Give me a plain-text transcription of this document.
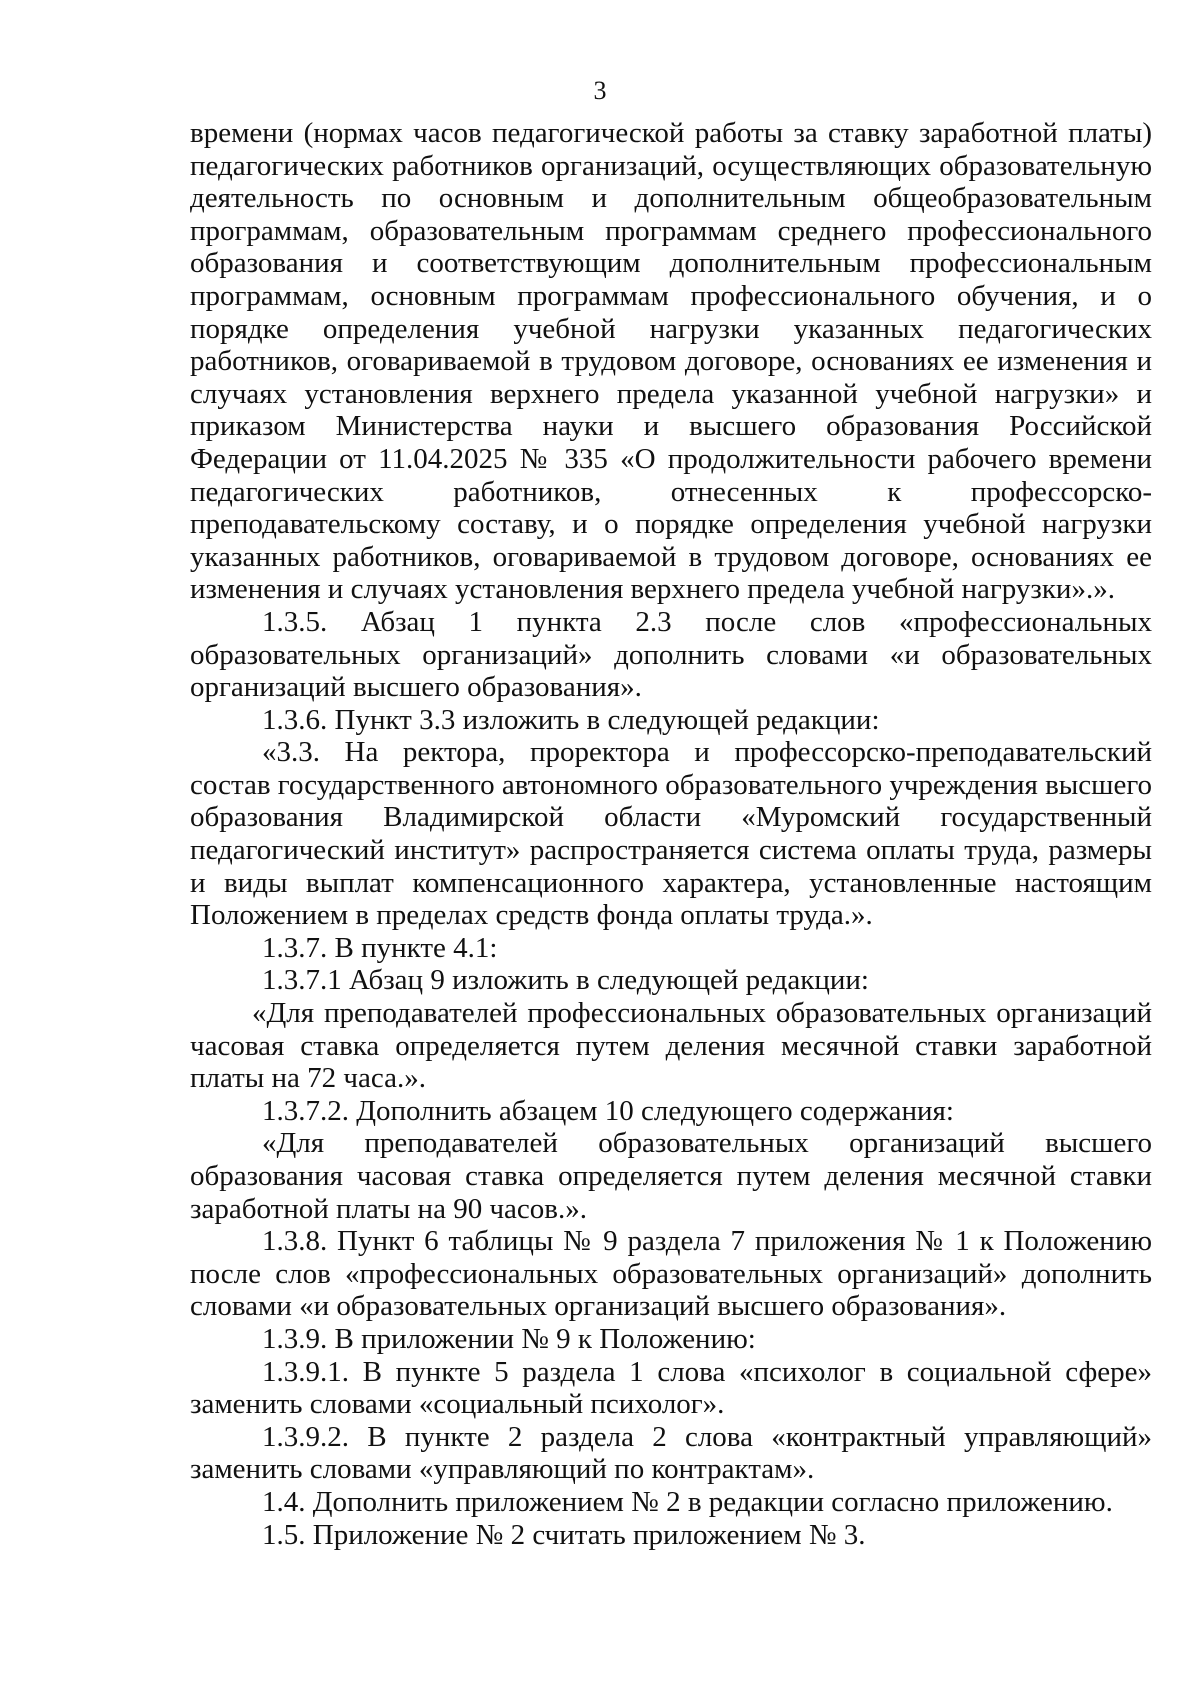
3

времени (нормах часов педагогической работы за ставку заработной платы) педагогических работников организаций, осуществляющих образовательную деятельность по основным и дополнительным общеобразовательным программам, образовательным программам среднего профессионального образования и соответствующим дополнительным профессиональным программам, основным программам профессионального обучения, и о порядке определения учебной нагрузки указанных педагогических работников, оговариваемой в трудовом договоре, основаниях ее изменения и случаях установления верхнего предела указанной учебной нагрузки» и приказом Министерства науки и высшего образования Российской Федерации от 11.04.2025 № 335 «О продолжительности рабочего времени педагогических работников, отнесенных к профессорско-преподавательскому составу, и о порядке определения учебной нагрузки указанных работников, оговариваемой в трудовом договоре, основаниях ее изменения и случаях установления верхнего предела учебной нагрузки».».

1.3.5. Абзац 1 пункта 2.3 после слов «профессиональных образовательных организаций» дополнить словами «и образовательных организаций высшего образования».

1.3.6. Пункт 3.3 изложить в следующей редакции:

«3.3. На ректора, проректора и профессорско-преподавательский состав государственного автономного образовательного учреждения высшего образования Владимирской области «Муромский государственный педагогический институт» распространяется система оплаты труда, размеры и виды выплат компенсационного характера, установленные настоящим Положением в пределах средств фонда оплаты труда.».

1.3.7. В пункте 4.1:

1.3.7.1 Абзац 9 изложить в следующей редакции:

«Для преподавателей профессиональных образовательных организаций часовая ставка определяется путем деления месячной ставки заработной платы на 72 часа.».

1.3.7.2. Дополнить абзацем 10 следующего содержания:

«Для преподавателей образовательных организаций высшего образования часовая ставка определяется путем деления месячной ставки заработной платы на 90 часов.».

1.3.8. Пункт 6 таблицы № 9 раздела 7 приложения № 1 к Положению после слов «профессиональных образовательных организаций» дополнить словами «и образовательных организаций высшего образования».

1.3.9. В приложении № 9 к Положению:

1.3.9.1. В пункте 5 раздела 1 слова «психолог в социальной сфере» заменить словами «социальный психолог».

1.3.9.2. В пункте 2 раздела 2 слова «контрактный управляющий» заменить словами «управляющий по контрактам».

1.4. Дополнить приложением № 2 в редакции согласно приложению.

1.5. Приложение № 2 считать приложением № 3.
